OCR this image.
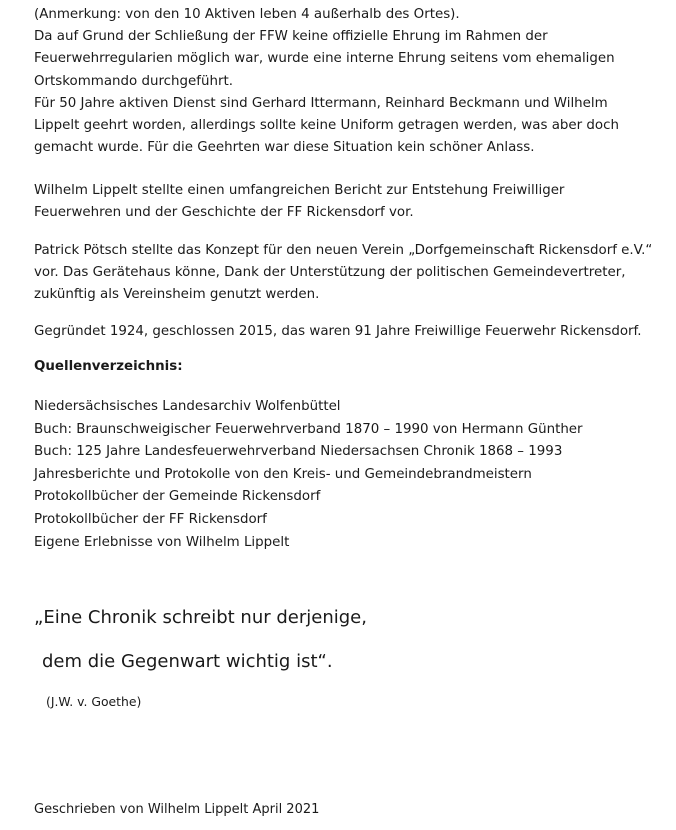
(Anmerkung: von den 10 Aktiven leben 4 außerhalb des Ortes).
Da auf Grund der Schließung der FFW keine offizielle Ehrung im Rahmen der
Feuerwehrregularien möglich war, wurde eine interne Ehrung seitens vom ehemaligen
Ortskommando durchgeführt.
Für 50 Jahre aktiven Dienst sind Gerhard Ittermann, Reinhard Beckmann und Wilhelm
Lippelt geehrt worden, allerdings sollte keine Uniform getragen werden, was aber doch
gemacht wurde. Für die Geehrten war diese Situation kein schöner Anlass.

Wilhelm Lippelt stellte einen umfangreichen Bericht zur Entstehung Freiwilliger
Feuerwehren und der Geschichte der FF Rickensdorf vor.

Patrick Pötsch stellte das Konzept für den neuen Verein „Dorfgemeinschaft Rickensdorf e.V.“
vor. Das Gerätehaus könne, Dank der Unterstützung der politischen Gemeindevertreter,
zukünftig als Vereinsheim genutzt werden.

Gegründet 1924, geschlossen 2015, das waren 91 Jahre Freiwillige Feuerwehr Rickensdorf.

Quellenverzeichnis:
Niedersächsisches Landesarchiv Wolfenbüttel
Buch: Braunschweigischer Feuerwehrverband 1870 – 1990 von Hermann Günther
Buch: 125 Jahre Landesfeuerwehrverband Niedersachsen Chronik 1868 – 1993
Jahresberichte und Protokolle von den Kreis- und Gemeindebrandmeistern
Protokollbücher der Gemeinde Rickensdorf
Protokollbücher der FF Rickensdorf
Eigene Erlebnisse von Wilhelm Lippelt

„Eine Chronik schreibt nur derjenige,

dem die Gegenwart wichtig ist“.

(J.W. v. Goethe)

Geschrieben von Wilhelm Lippelt April 2021
